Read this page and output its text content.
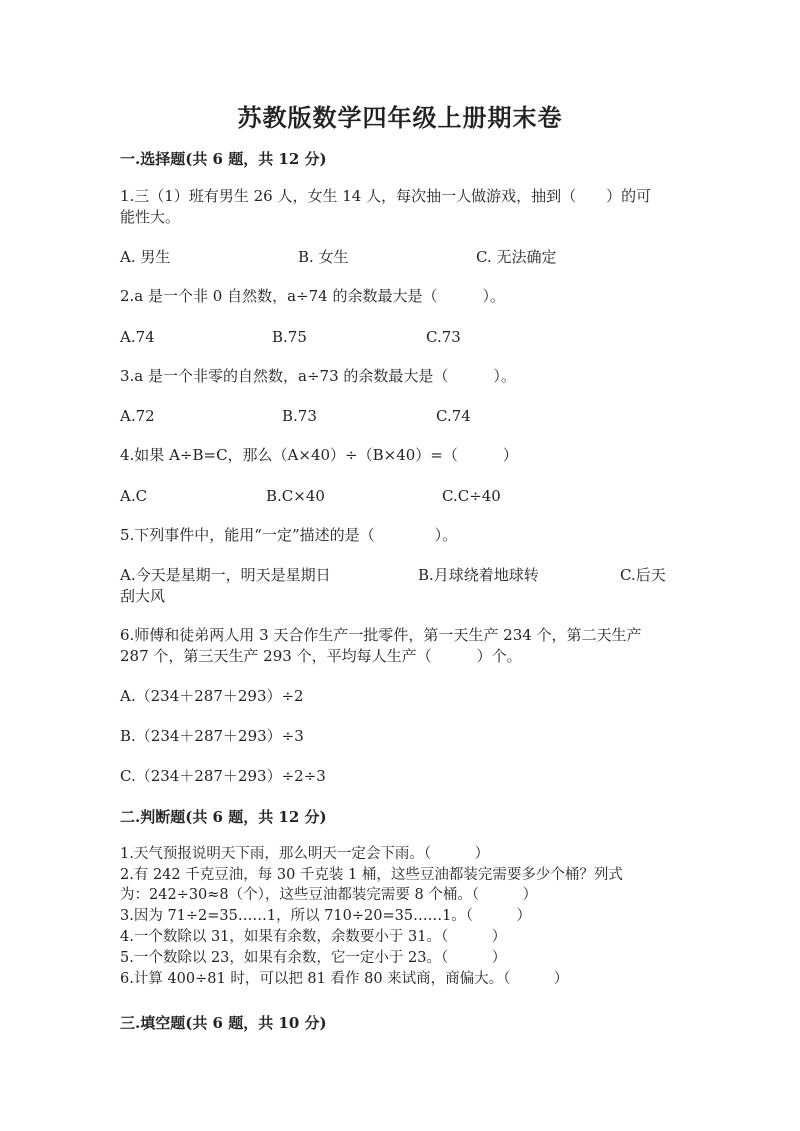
苏教版数学四年级上册期末卷
一.选择题(共 6 题，共 12 分)
1.三（1）班有男生 26 人，女生 14 人，每次抽一人做游戏，抽到（　　）的可
能性大。
A. 男生	B. 女生	C. 无法确定
2.a 是一个非 0 自然数，a÷74 的余数最大是（　　　）。
A.74	B.75	C.73
3.a 是一个非零的自然数，a÷73 的余数最大是（　　　）。
A.72	B.73	C.74
4.如果 A÷B=C，那么（A×40）÷（B×40）=（　　　）
A.C	B.C×40	C.C÷40
5.下列事件中，能用“一定”描述的是（　　　　）。
A.今天是星期一，明天是星期日	B.月球绕着地球转	C.后天
刮大风
6.师傅和徒弟两人用 3 天合作生产一批零件，第一天生产 234 个，第二天生产
287 个，第三天生产 293 个，平均每人生产（　　　）个。
A.（234＋287＋293）÷2
B.（234＋287＋293）÷3
C.（234＋287＋293）÷2÷3
二.判断题(共 6 题，共 12 分)
1.天气预报说明天下雨，那么明天一定会下雨。（　　　）
2.有 242 千克豆油，每 30 千克装 1 桶，这些豆油都装完需要多少个桶？列式
为：242÷30≈8（个），这些豆油都装完需要 8 个桶。（　　　）
3.因为 71÷2=35……1，所以 710÷20=35……1。（　　　）
4.一个数除以 31，如果有余数，余数要小于 31。（　　　）
5.一个数除以 23，如果有余数，它一定小于 23。（　　　）
6.计算 400÷81 时，可以把 81 看作 80 来试商，商偏大。（　　　）
三.填空题(共 6 题，共 10 分)
